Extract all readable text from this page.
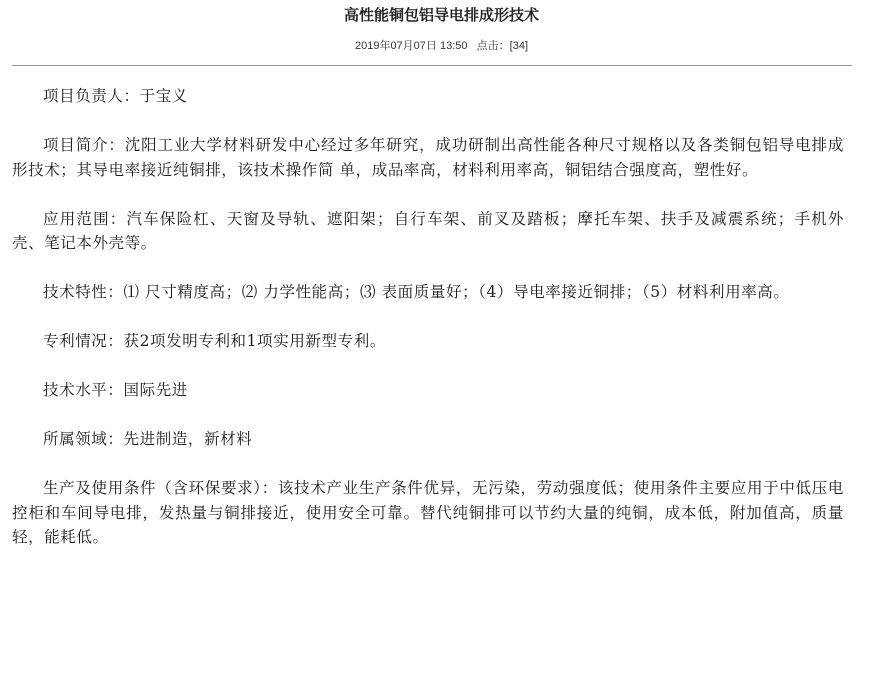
高性能铜包铝导电排成形技术
2019年07月07日 13:50 点击：[34]

项目负责人：于宝义

项目简介：沈阳工业大学材料研发中心经过多年研究，成功研制出高性能各种尺寸规格以及各类铜包铝导电排成形技术；其导电率接近纯铜排，该技术操作简 单，成品率高，材料利用率高，铜铝结合强度高，塑性好。

应用范围：汽车保险杠、天窗及导轨、遮阳架；自行车架、前叉及踏板；摩托车架、扶手及减震系统；手机外壳、笔记本外壳等。

技术特性：⑴ 尺寸精度高；⑵ 力学性能高；⑶ 表面质量好；（4）导电率接近铜排；（5）材料利用率高。

专利情况：获2项发明专利和1项实用新型专利。

技术水平：国际先进

所属领域：先进制造，新材料

生产及使用条件（含环保要求）：该技术产业生产条件优异，无污染，劳动强度低；使用条件主要应用于中低压电控柜和车间导电排，发热量与铜排接近，使用安全可靠。替代纯铜排可以节约大量的纯铜，成本低，附加值高，质量轻，能耗低。
